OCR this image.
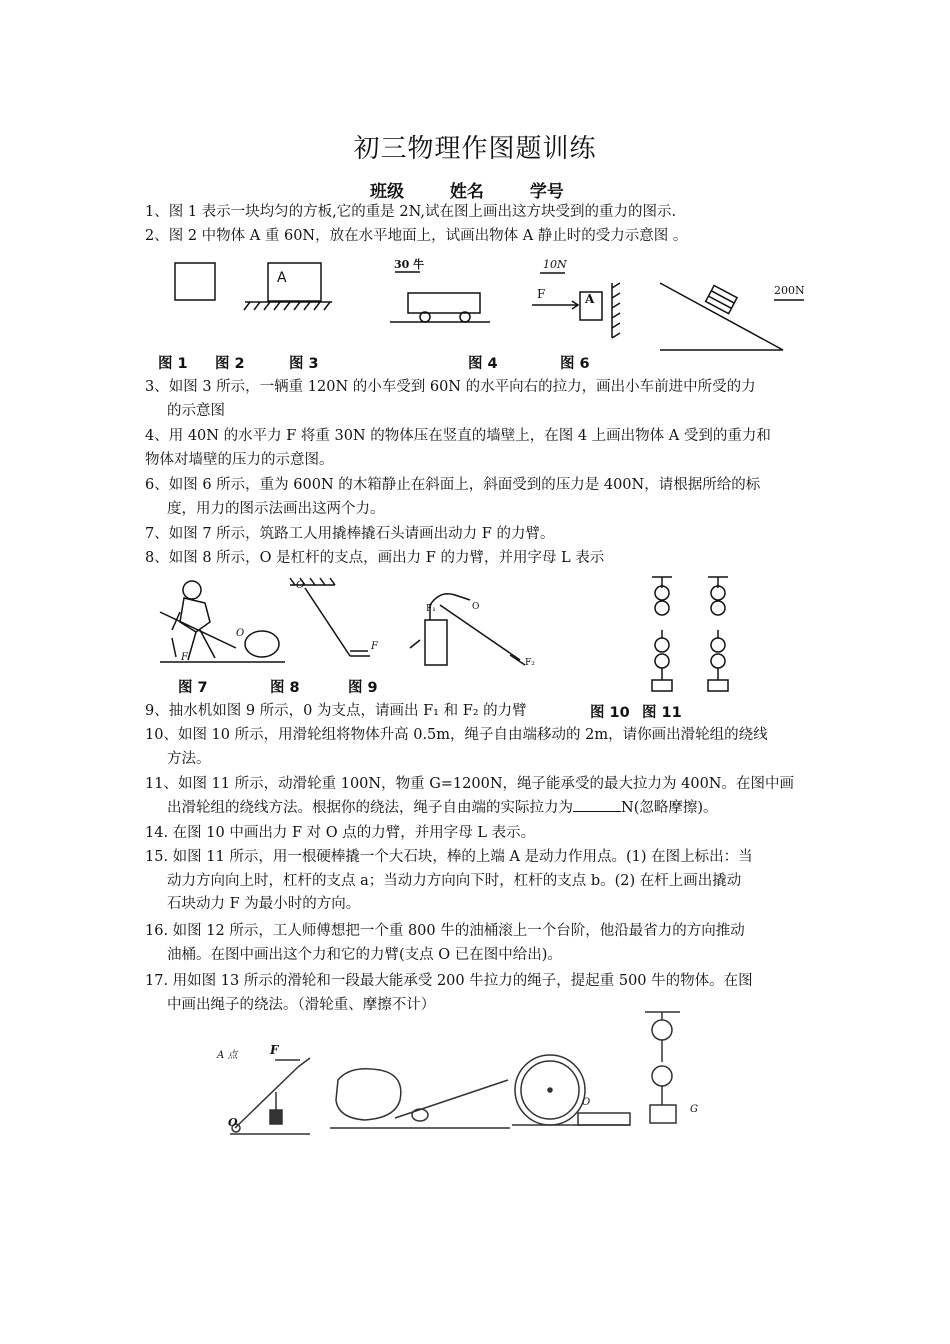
初三物理作图题训练
班级	姓名	学号
1、图 1 表示一块均匀的方板,它的重是 2N,试在图上画出这方块受到的重力的图示.
2、图 2 中物体 A 重 60N，放在水平地面上，试画出物体 A 静止时的受力示意图 。
A
30 牛	10N
F	A
200N
F
O
O
F
F₁	O
F₂
A 点	F
O
O
G
图 1 图 2	图 3	图 4	图 6
3、如图 3 所示，一辆重 120N 的小车受到 60N 的水平向右的拉力，画出小车前进中所受的力
的示意图
4、用 40N 的水平力 F 将重 30N 的物体压在竖直的墙壁上，在图 4 上画出物体 A 受到的重力和
物体对墙壁的压力的示意图。
6、如图 6 所示，重为 600N 的木箱静止在斜面上，斜面受到的压力是 400N，请根据所给的标
度，用力的图示法画出这两个力。
7、如图 7 所示，筑路工人用撬棒撬石头请画出动力 F 的力臂。
8、如图 8 所示，O 是杠杆的支点，画出力 F 的力臂，并用字母 L 表示
图 7	图 8	图 9
9、抽水机如图 9 所示，0 为支点，请画出 F₁ 和 F₂ 的力臂	图 10 图 11
10、如图 10 所示，用滑轮组将物体升高 0.5m，绳子自由端移动的 2m，请你画出滑轮组的绕线
方法。
11、如图 11 所示，动滑轮重 100N，物重 G=1200N，绳子能承受的最大拉力为 400N。在图中画
出滑轮组的绕线方法。根据你的绕法，绳子自由端的实际拉力为	N(忽略摩擦)。
14. 在图 10 中画出力 F 对 O 点的力臂，并用字母 L 表示。
15. 如图 11 所示，用一根硬棒撬一个大石块，棒的上端 A 是动力作用点。(1) 在图上标出：当
动力方向向上时，杠杆的支点 a；当动力方向向下时，杠杆的支点 b。(2) 在杆上画出撬动
石块动力 F 为最小时的方向。
16. 如图 12 所示，工人师傅想把一个重 800 牛的油桶滚上一个台阶，他沿最省力的方向推动
油桶。在图中画出这个力和它的力臂(支点 O 已在图中给出)。
17. 用如图 13 所示的滑轮和一段最大能承受 200 牛拉力的绳子，提起重 500 牛的物体。在图
中画出绳子的绕法。（滑轮重、摩擦不计）
